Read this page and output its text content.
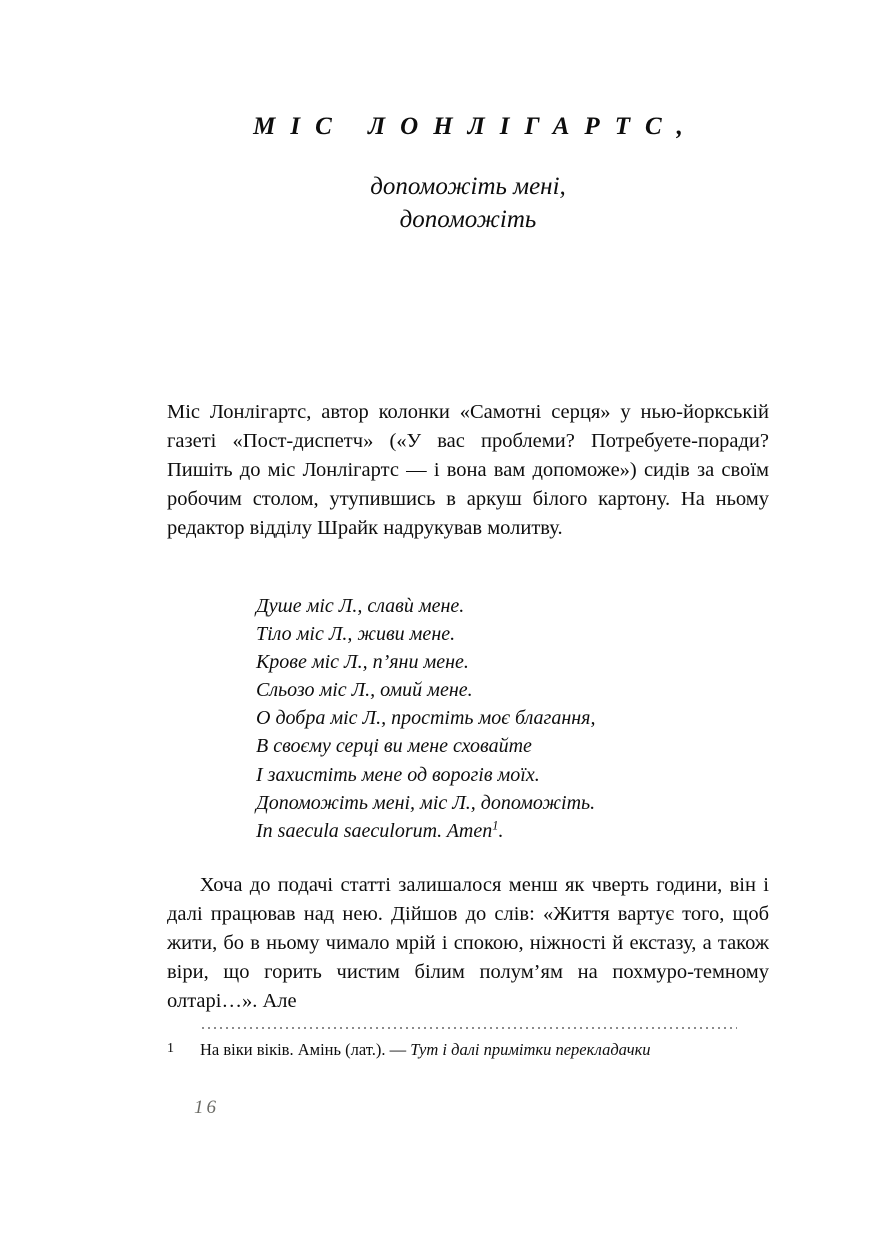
МІС ЛОНЛІГАРТС,
допоможіть мені,
допоможіть

Міс Лонлігартс, автор колонки «Самотні серця» у нью-йоркській газеті «Пост-диспетч» («У вас проблеми? Потребуете-поради? Пишіть до міс Лонлігартс — і вона вам допоможе») сидів за своїм робочим столом, утупившись в аркуш білого картону. На ньому редактор відділу Шрайк надрукував молитву.

Душе міс Л., славѝ мене.
Тіло міс Л., живи мене.
Крове міс Л., п’яни мене.
Сльозо міс Л., омий мене.
О добра міс Л., простіть моє благання,
В своєму серці ви мене сховайте
І захистіть мене од ворогів моїх.
Допоможіть мені, міс Л., допоможіть.
In saecula saeculorum. Amen$^1$.

Хоча до подачі статті залишалося менш як чверть години, він і далі працював над нею. Дійшов до слів: «Життя вартує того, щоб жити, бо в ньому чимало мрій і спокою, ніжності й екстазу, а також віри, що горить чистим білим полум’ям на похмуро-темному олтарі…». Але

1	На віки віків. Амінь (лат.). — Тут і далі примітки перекладачки
16
